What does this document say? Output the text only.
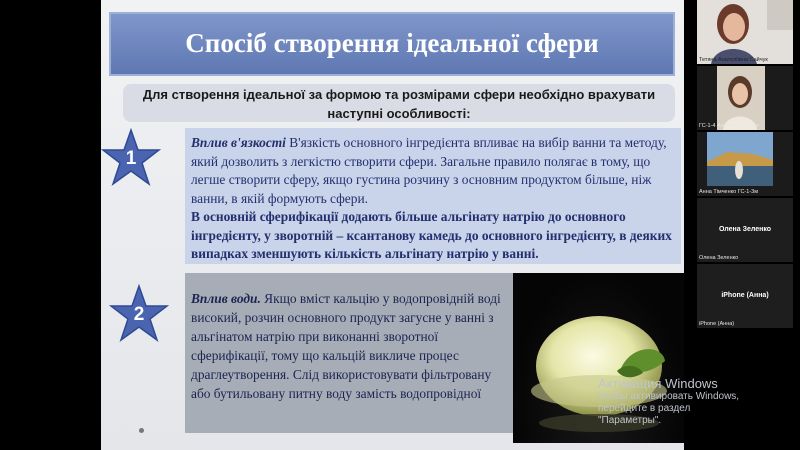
Спосіб створення ідеальної сфери
Для створення ідеальної за формою та розмірами сфери необхідно врахувати
наступні особливості:
1
Вплив в'язкості В'язкість основного інгредієнта впливає на вибір ванни та методу, який дозволить з легкістю створити сфери. Загальне правило полягає в тому, що легше створити сферу, якщо густина розчину з основним продуктом більше, ніж ванни, в якій формують сфери.
В основній сферифікації додають більше альгінату натрію до основного інгредієнту, у зворотній – ксантанову камедь до основного інгредієнту, в деяких випадках зменшують кількість альгінату натрію у ванні.
2
Вплив води. Якщо вміст кальцію у водопровідній воді високий, розчин основного продукт загусне у ванні з альгінатом натрію при виконанні зворотної сферифікації, тому що кальцій викличе процес драглеутворення. Слід використовувати фільтровану або бутильовану питну воду замість водопровідної
Активация Windows
Чтобы активировать Windows, перейдите в раздел
"Параметры".
Тетяна Анатоліївна Сайчук
ГС-1-4 Альона Пігнатко
Анна Тімченко ГС-1-3м
Олена Зеленко
Олена Зеленко
iPhone (Анна)
iPhone (Анна)
